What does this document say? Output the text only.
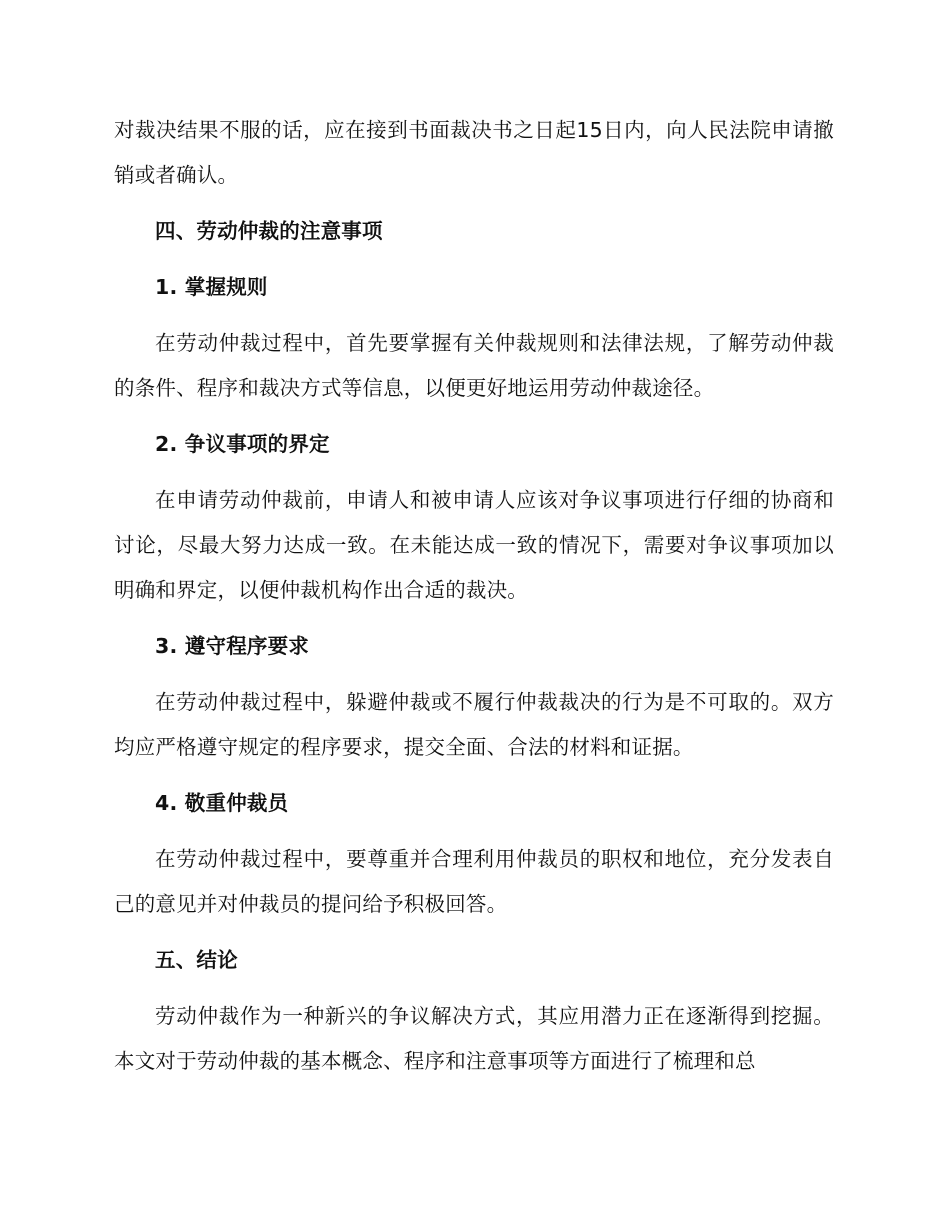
对裁决结果不服的话，应在接到书面裁决书之日起15日内，向人民法院申请撤销或者确认。

四、劳动仲裁的注意事项

1. 掌握规则

在劳动仲裁过程中，首先要掌握有关仲裁规则和法律法规，了解劳动仲裁的条件、程序和裁决方式等信息，以便更好地运用劳动仲裁途径。

2. 争议事项的界定

在申请劳动仲裁前，申请人和被申请人应该对争议事项进行仔细的协商和讨论，尽最大努力达成一致。在未能达成一致的情况下，需要对争议事项加以明确和界定，以便仲裁机构作出合适的裁决。

3. 遵守程序要求

在劳动仲裁过程中，躲避仲裁或不履行仲裁裁决的行为是不可取的。双方均应严格遵守规定的程序要求，提交全面、合法的材料和证据。

4. 敬重仲裁员

在劳动仲裁过程中，要尊重并合理利用仲裁员的职权和地位，充分发表自己的意见并对仲裁员的提问给予积极回答。

五、结论

劳动仲裁作为一种新兴的争议解决方式，其应用潜力正在逐渐得到挖掘。本文对于劳动仲裁的基本概念、程序和注意事项等方面进行了梳理和总
